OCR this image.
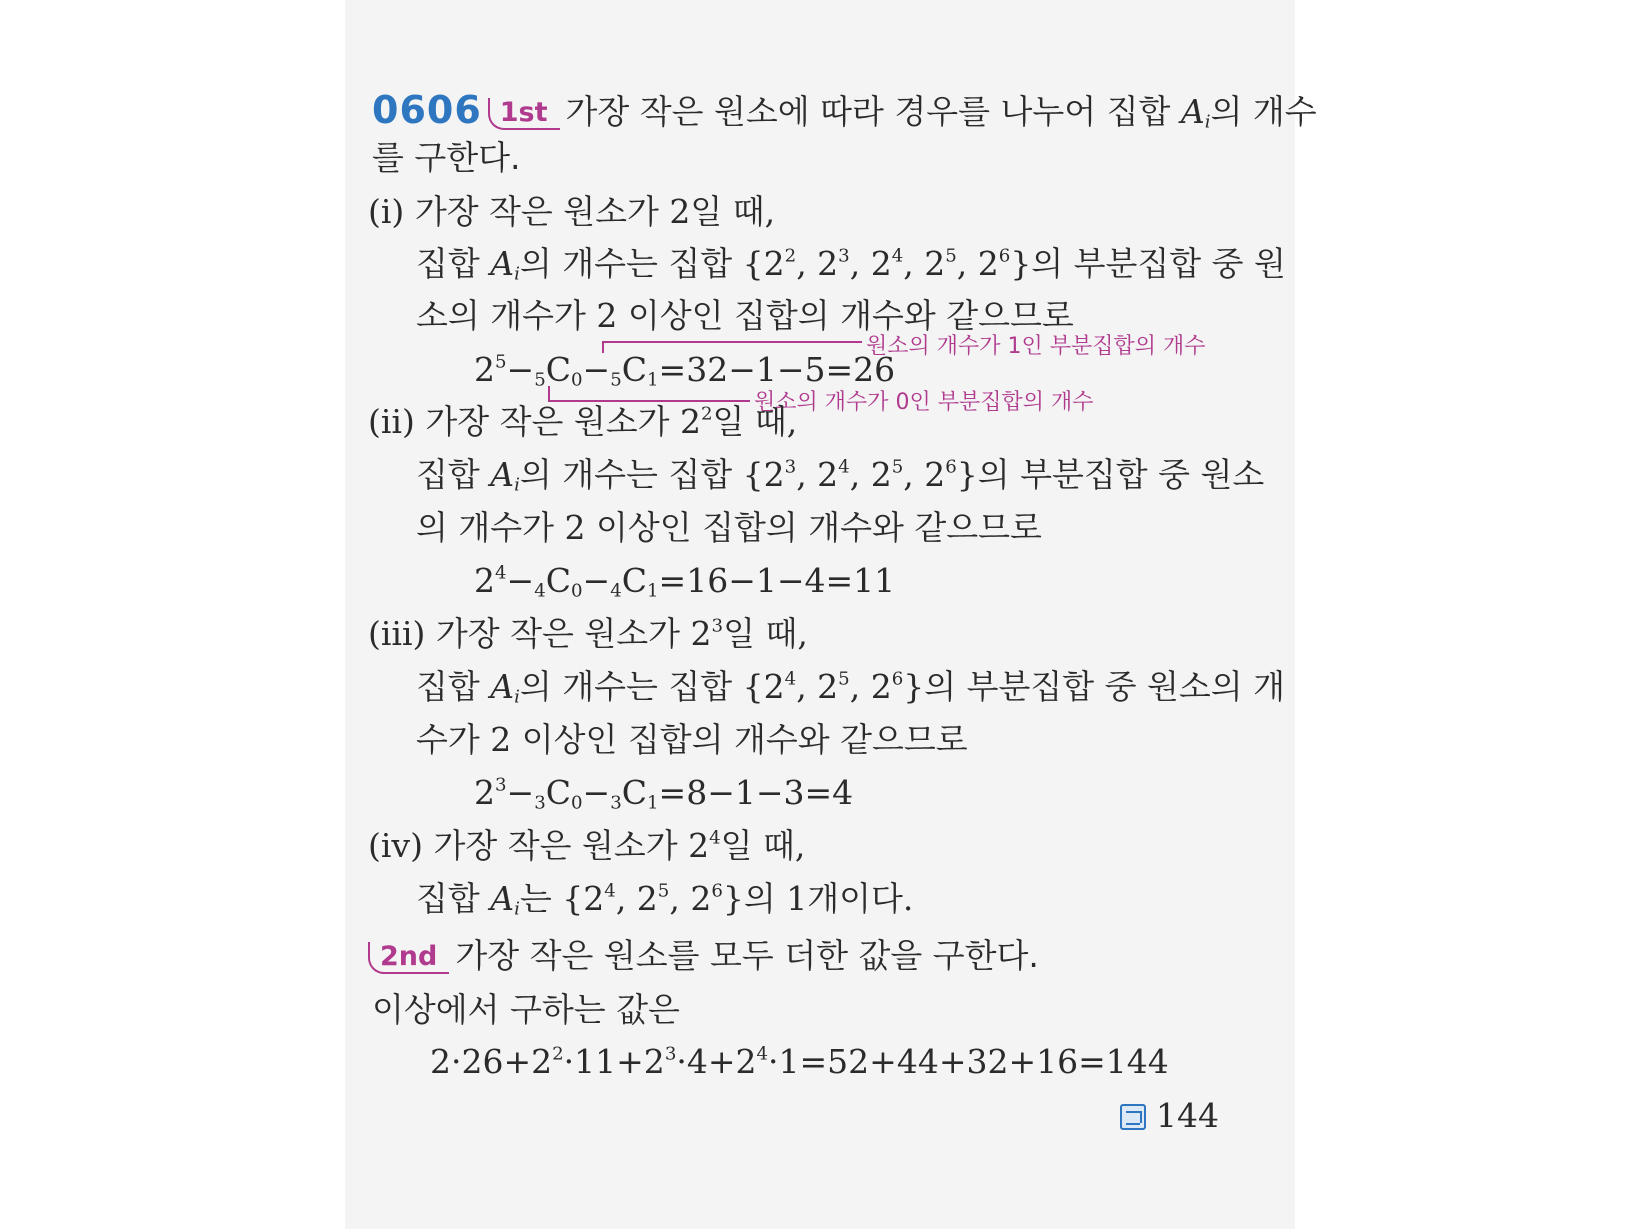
0606 1st 가장 작은 원소에 따라 경우를 나누어 집합 $A_i$의 개수
를 구한다.
(ⅰ) 가장 작은 원소가 2일 때,
집합 $A_i$의 개수는 집합 {$2^2$, $2^3$, $2^4$, $2^5$, $2^6$}의 부분집합 중 원
소의 개수가 2 이상인 집합의 개수와 같으므로
$2^5-5C_0-5C_1=32-1-5=26$
원소의 개수가 1인 부분집합의 개수
원소의 개수가 0인 부분집합의 개수
(ⅱ) 가장 작은 원소가 $2^2$일 때,
집합 $A_i$의 개수는 집합 {$2^3$, $2^4$, $2^5$, $2^6$}의 부분집합 중 원소
의 개수가 2 이상인 집합의 개수와 같으므로
$2^4-4C_0-4C_1=16-1-4=11$
(ⅲ) 가장 작은 원소가 $2^3$일 때,
집합 $A_i$의 개수는 집합 {$2^4$, $2^5$, $2^6$}의 부분집합 중 원소의 개
수가 2 이상인 집합의 개수와 같으므로
$2^3-3C_0-3C_1=8-1-3=4$
(ⅳ) 가장 작은 원소가 $2^4$일 때,
집합 $A_i$는 {$2^4$, $2^5$, $2^6$}의 1개이다.
2nd 가장 작은 원소를 모두 더한 값을 구한다.
이상에서 구하는 값은
$2\cdot 26+2^2\cdot 11+2^3\cdot 4+2^4\cdot 1=52+44+32+16=144$
144
